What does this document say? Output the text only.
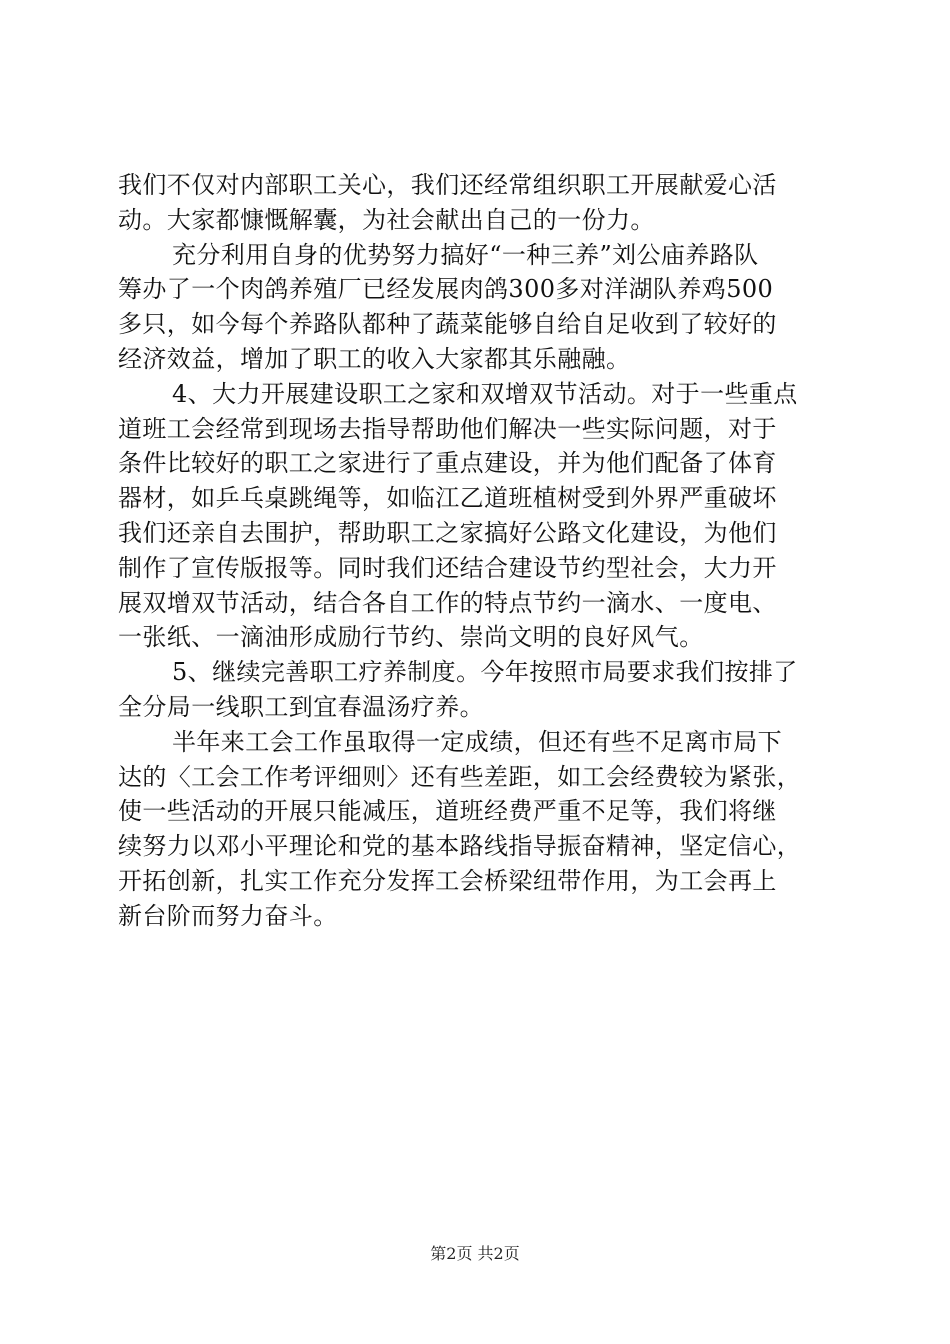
我们不仅对内部职工关心，我们还经常组织职工开展献爱心活
动。大家都慷慨解囊，为社会献出自己的一份力。
充分利用自身的优势努力搞好“一种三养”刘公庙养路队
筹办了一个肉鸽养殖厂已经发展肉鸽300多对洋湖队养鸡500
多只，如今每个养路队都种了蔬菜能够自给自足收到了较好的
经济效益，增加了职工的收入大家都其乐融融。
4、大力开展建设职工之家和双增双节活动。对于一些重点
道班工会经常到现场去指导帮助他们解决一些实际问题，对于
条件比较好的职工之家进行了重点建设，并为他们配备了体育
器材，如乒乓桌跳绳等，如临江乙道班植树受到外界严重破坏
我们还亲自去围护，帮助职工之家搞好公路文化建设，为他们
制作了宣传版报等。同时我们还结合建设节约型社会，大力开
展双增双节活动，结合各自工作的特点节约一滴水、一度电、
一张纸、一滴油形成励行节约、崇尚文明的良好风气。
5、继续完善职工疗养制度。今年按照市局要求我们按排了
全分局一线职工到宜春温汤疗养。
半年来工会工作虽取得一定成绩，但还有些不足离市局下
达的〈工会工作考评细则〉还有些差距，如工会经费较为紧张，
使一些活动的开展只能减压，道班经费严重不足等，我们将继
续努力以邓小平理论和党的基本路线指导振奋精神，坚定信心，
开拓创新，扎实工作充分发挥工会桥梁纽带作用，为工会再上
新台阶而努力奋斗。
第2页 共2页
